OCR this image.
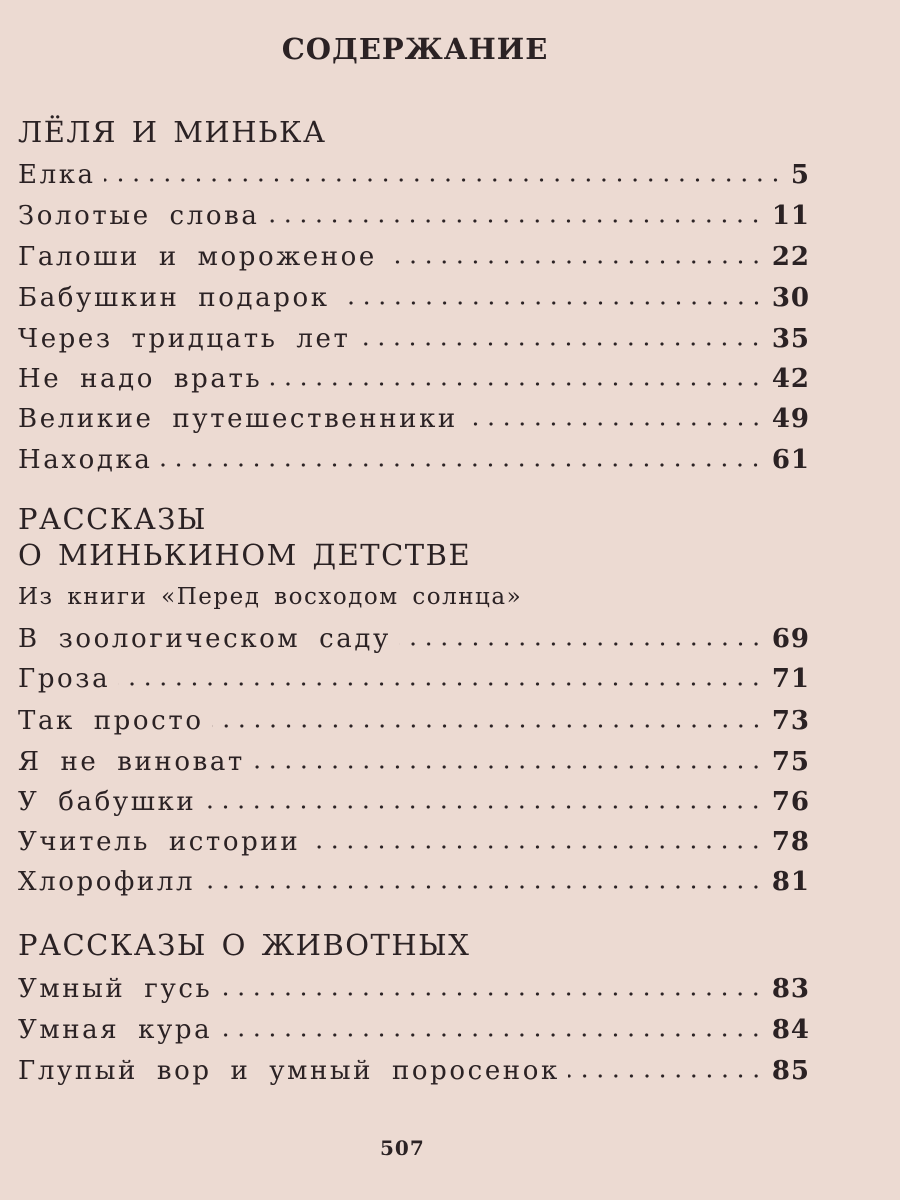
СОДЕРЖАНИЕ
ЛЁЛЯ И МИНЬКА
Елка	5
Золотые слова	11
Галоши и мороженое	22
Бабушкин подарок	30
Через тридцать лет	35
Не надо врать	42
Великие путешественники	49
Находка	61
РАССКАЗЫ
О МИНЬКИНОМ ДЕТСТВЕ
Из книги «Перед восходом солнца»
В зоологическом саду	69
Гроза	71
Так просто	73
Я не виноват	75
У бабушки	76
Учитель истории	78
Хлорофилл	81
РАССКАЗЫ О ЖИВОТНЫХ
Умный гусь	83
Умная кура	84
Глупый вор и умный поросенок	85
507
